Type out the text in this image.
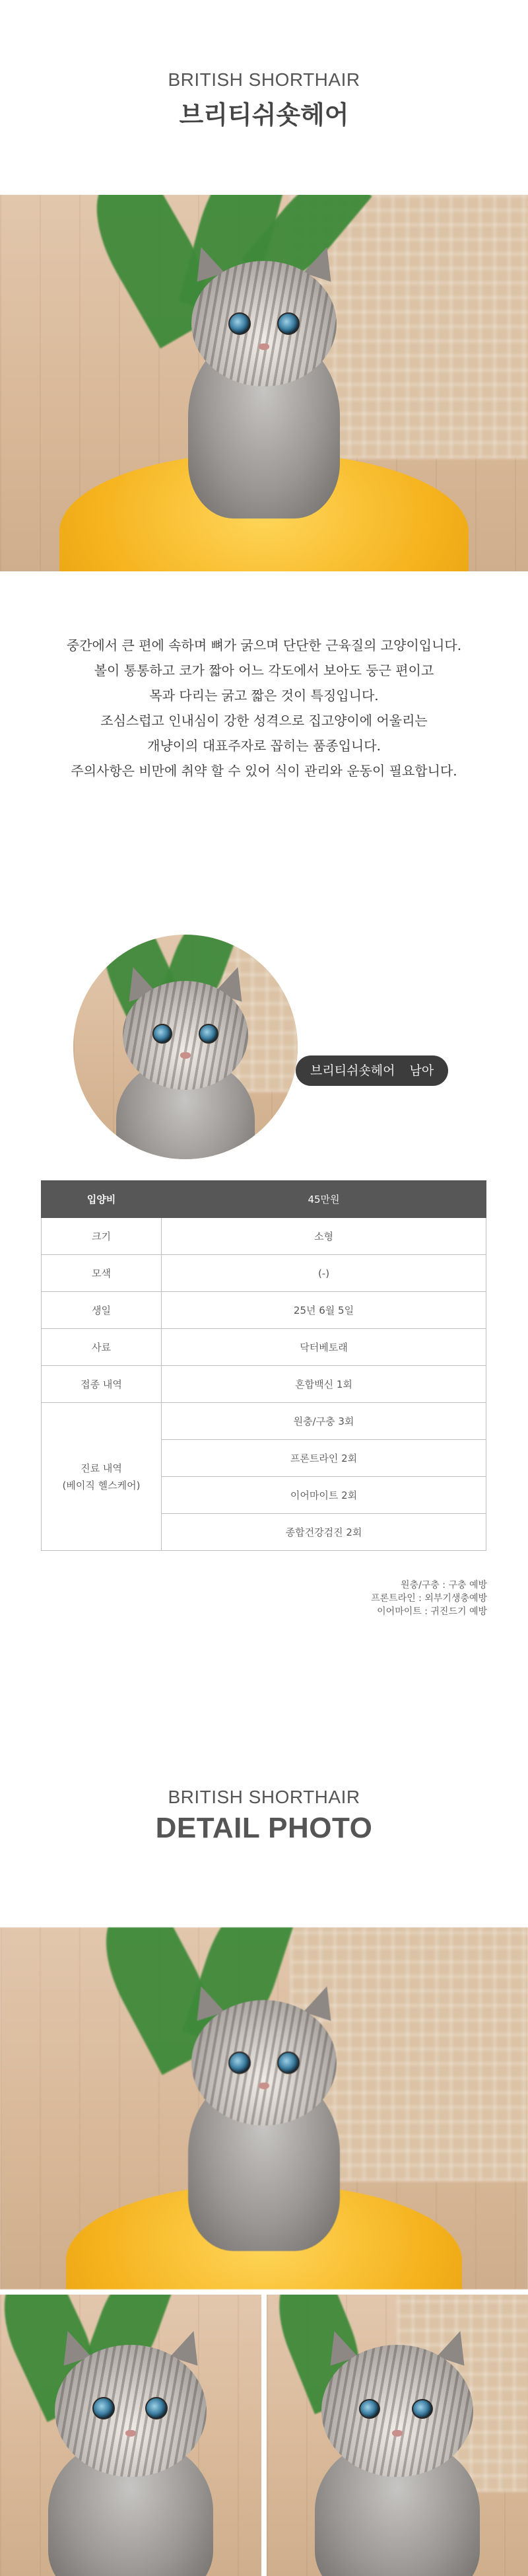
BRITISH SHORTHAIR
브리티쉬숏헤어

중간에서 큰 편에 속하며 뼈가 굵으며 단단한 근육질의 고양이입니다.

볼이 통통하고 코가 짧아 어느 각도에서 보아도 둥근 편이고

목과 다리는 굵고 짧은 것이 특징입니다.

조심스럽고 인내심이 강한 성격으로 집고양이에 어울리는

개냥이의 대표주자로 꼽히는 품종입니다.

주의사항은 비만에 취약 할 수 있어 식이 관리와 운동이 필요합니다.

브리티쉬숏헤어 남아
입양비	45만원
크기	소형
모색	(-)
생일	25년 6월 5일
사료	닥터베토래
접종 내역	혼합백신 1회

진료 내역
(베이직 헬스케어)	원충/구충 3회
	프론트라인 2회
	이어마이트 2회
	종합건강검진 2회
원충/구충 : 구충 예방
프론트라인 : 외부기생충예방
이어마이트 : 귀진드기 예방
BRITISH SHORTHAIR
DETAIL PHOTO
